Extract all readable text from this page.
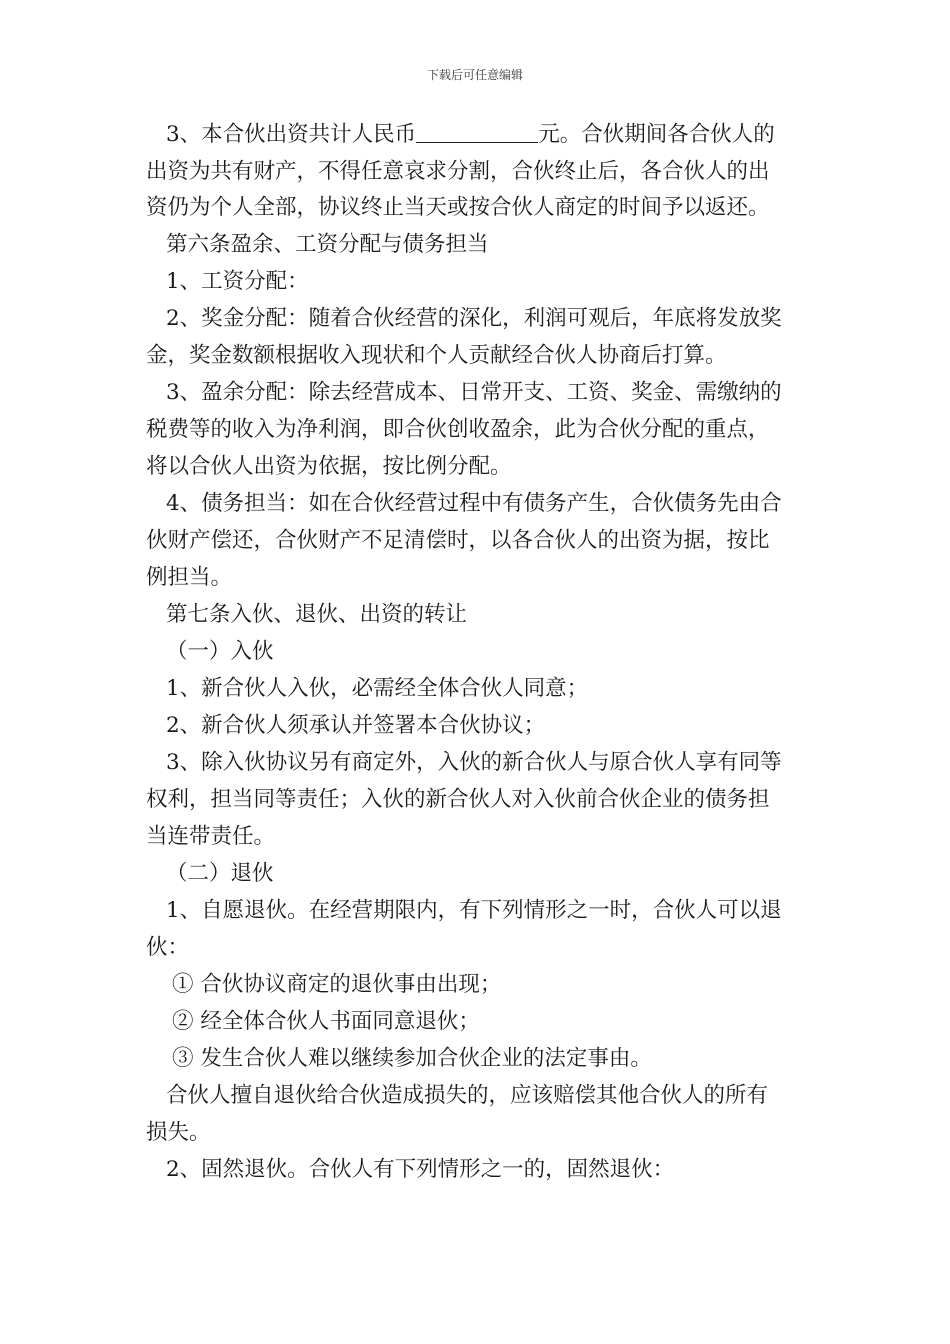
下载后可任意编辑
3、本合伙出资共计人民币	元。合伙期间各合伙人的
出资为共有财产，不得任意哀求分割，合伙终止后，各合伙人的出
资仍为个人全部，协议终止当天或按合伙人商定的时间予以返还。
第六条盈余、工资分配与债务担当
1、工资分配：
2、奖金分配：随着合伙经营的深化，利润可观后，年底将发放奖
金，奖金数额根据收入现状和个人贡献经合伙人协商后打算。
3、盈余分配：除去经营成本、日常开支、工资、奖金、需缴纳的
税费等的收入为净利润，即合伙创收盈余，此为合伙分配的重点，
将以合伙人出资为依据，按比例分配。
4、债务担当：如在合伙经营过程中有债务产生，合伙债务先由合
伙财产偿还，合伙财产不足清偿时，以各合伙人的出资为据，按比
例担当。
第七条入伙、退伙、出资的转让
（一）入伙
1、新合伙人入伙，必需经全体合伙人同意；
2、新合伙人须承认并签署本合伙协议；
3、除入伙协议另有商定外，入伙的新合伙人与原合伙人享有同等
权利，担当同等责任；入伙的新合伙人对入伙前合伙企业的债务担
当连带责任。
（二）退伙
1、自愿退伙。在经营期限内，有下列情形之一时，合伙人可以退
伙：
① 合伙协议商定的退伙事由出现；
② 经全体合伙人书面同意退伙；
③ 发生合伙人难以继续参加合伙企业的法定事由。
合伙人擅自退伙给合伙造成损失的，应该赔偿其他合伙人的所有
损失。
2、固然退伙。合伙人有下列情形之一的，固然退伙：
